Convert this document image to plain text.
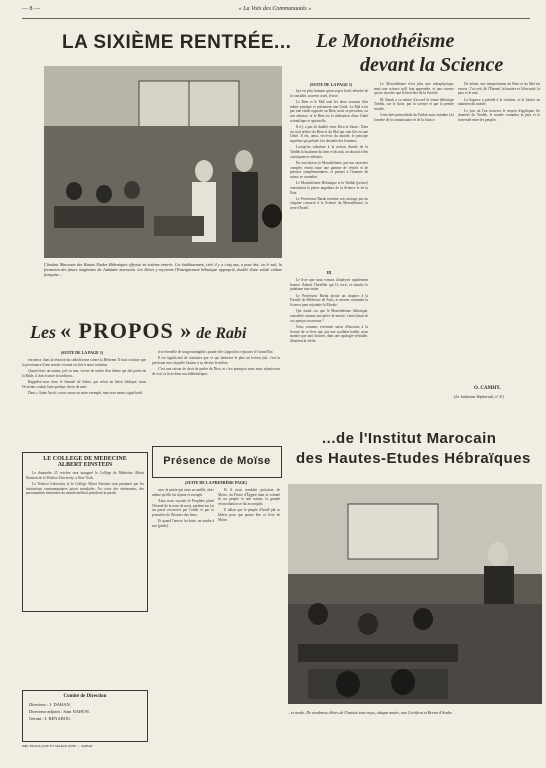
— 8 —	« La Voix des Communautés »
LA SIXIÈME RENTRÉE...
L'Institut Marocain des Hautes Etudes Hébraïques effectue sa sixième rentrée. Cet établissement, créé il y a cinq ans, a pour but, on le sait, la formation des futurs magistrats du Judaïsme marocain. Les élèves y reçoivent l'Enseignement hébraïque approprié, doublé d'une solide culture française...
Le Monothéisme
devant la Science
(SUITE DE LA PAGE 1)

bye est plus humain qu'un esprit froid, détaché de la causalité, souvent cruel, féroce.

Le Bien et le Mal sont les deux versants d'un même principe et présentent une Unité. Le Mal n'est pas une entité opposée au Bien, mais sa privation, ou son absence, et le Bien est la réalisation d'une Unité scientifique et spirituelle.

Il n'y a pas de dualité entre Dieu et Satan : Dieu est seul arbitre du Bien et du Mal qui sont liés en une Unité. Il est, ainsi, vis-à-vis du monde, le principe suprême qui préside à la destinée des hommes.

Lorsqu'on substitue à la notion d'unité de la Tsédek la dualisme du bien et du mal, on aboutit à des conséquences néfastes.

En conclusion, le Monothéisme, par son caractère complet, réunit toute une gamme de vérités et de pensées complémentaires, et permet à l'homme de mieux se connaître.

Le Monothéisme Hébraïque et la Tsédek (justice) constituent la pierre angulaire de la Science et de la Paix.

Le Professeur Baruk termine son ouvrage par un chapitre consacré à la Science du Monothéisme, la terre d'Israël.

III

Le livre que nous venons d'analyser rapidement honore d'abord l'Israélite qui l'a écrit, et ensuite le judaïsme tout entier.

Le Professeur Baruk ajoute un chapitre à la Faculté de Médecine de Paris, et montre comment la Science peut rejoindre la Morale.

Qui aurait cru que le Monothéisme hébraïque, considéré comme une pièce de musée, s'enrichirait de ces aperçus nouveaux ?

Nous sommes vivement saisis d'émotion à la lecture de ce livre qui, par une synthèse habile, nous montre que tant d'autres, dans une apologie véritable, illustrent la vérité.

Le Monothéisme n'est plus une métaphysique, mais une science qu'il faut apprendre, et une science qui ne cherche que le bien-être de la Société.

M. Baruk a su mettre d'accord le terme hébraïque Tsédek, sur le Juste, par la science et par la pensée morale.

Cette idée primordiale du Tsédek nous entraîne à la lumière de la connaissance et de la Justice.

De même, une interprétation du Bien et du Mal est exacte : J'ai créé, dit l'Éternel, la lumière et l'obscurité, la paix et le mal.

La Sagesse a présidé à la création, et la Justice au maintien du monde.

Le jour où l'on trouvera le moyen d'appliquer les données du Tsédek, le monde connaîtra la paix et la fraternité entre les peuples.

O. CAMHY.
(Le Judaïsme Sépharadi, n° 8.)
Les « PROPOS » de Rabi
(SUITE DE LA PAGE 1)

existence, dans la réaction du catholicisme contre la Réforme. Il faut conclure que la persistance d'une morale vivante est liée à notre tradition.

Quand donc un auteur, juif ou non, s'avise de traiter d'un thème qui fait partie de la Bible, il doit écouter la tradition...

Rappelez-vous donc le Samuel de Sabra, qui créait un héros biblique, mais l'écrivain voulait faire quelque chose de neuf.

Dans « Saint-Jacob » nous avons un autre exemple, mais non moins significatif.

rive éternelle de songe intangible, quand elle s'approche à épouser le Grand Roi.

Il est significatif de constater que ce qui intéresse le plus un lecteur juif, c'est la précision avec laquelle l'auteur a su décrire le milieu.

C'est une raison de droit de parler de Dieu, et c'est pourquoi nous nous réjouissons de voir ce livre dans nos bibliothèques.

LE COLLEGE DE MEDECINE
ALBERT EINSTEIN

Le dimanche 25 octobre sera inauguré le Collège de Médecine Albert Einstein de la Yeshiva University, à New-York.

La Yeshiva University et le Collège Albert Einstein sont parrainés par les institutions communautaires juives mondiales. Au cours des cérémonies, des personnalités éminentes du monde médical prendront la parole.

Comité de Direction
Directeur : J. DAHAN.
Directeur-adjoint : Sam NAHON.
Gérant : I. BENABOU.
IMP. FRANÇAISE ET MAROCAINE — RABAT
Présence de Moïse
(SUITE DE LA PREMIÈRE PAGE)

avec la patrie qui nous accueillit, alors même qu'elle fut injuste et aveugle.

Ainsi nous voyions le Prophète plané l'éternel de la terre de mort, perdant sur lui un passé recouvert par l'oubli et par la poussière de l'histoire des lieux.

Et quand l'œuvre fut brise, on tombe à nos [pieds].

Et il nous semblait qu'autour de Moïse, du Prince d'Égypte dont la volonté fit un peuple et une nation, la grande réconciliation se fût accomplie.

Il fallait que le peuple d'Israël pût se libérer pour que puisse être ce livre de Moïse.

...de l'Institut Marocain
des Hautes-Etudes Hébraïques
...et arabe. De nombreux élèves de l'Institut sont reçus, chaque année, aux Certificat et Brevet d'Arabe.
